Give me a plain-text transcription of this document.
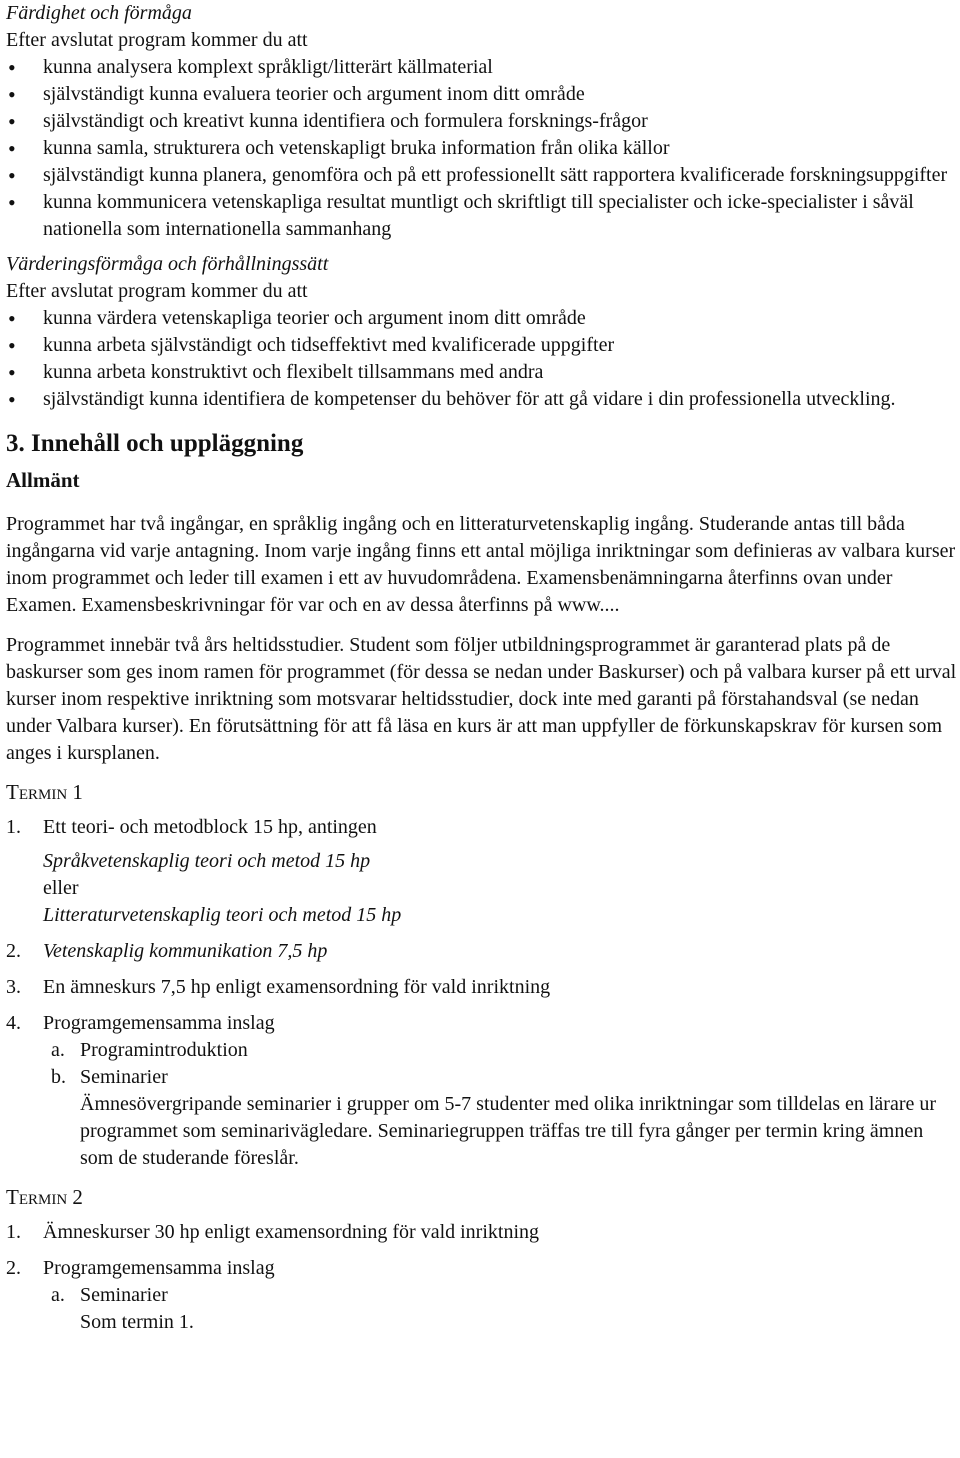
Färdighet och förmåga

Efter avslutat program kommer du att

• kunna analysera komplext språkligt/litterärt källmaterial
• självständigt kunna evaluera teorier och argument inom ditt område
• självständigt och kreativt kunna identifiera och formulera forsknings-frågor
• kunna samla, strukturera och vetenskapligt bruka information från olika källor
• självständigt kunna planera, genomföra och på ett professionellt sätt rapportera kvalificerade forskningsuppgifter
• kunna kommunicera vetenskapliga resultat muntligt och skriftligt till specialister och icke-specialister i såväl nationella som internationella sammanhang

Värderingsförmåga och förhållningssätt

Efter avslutat program kommer du att

• kunna värdera vetenskapliga teorier och argument inom ditt område
• kunna arbeta självständigt och tidseffektivt med kvalificerade uppgifter
• kunna arbeta konstruktivt och flexibelt tillsammans med andra
• självständigt kunna identifiera de kompetenser du behöver för att gå vidare i din professionella utveckling.

3. Innehåll och uppläggning

Allmänt

Programmet har två ingångar, en språklig ingång och en litteraturvetenskaplig ingång. Studerande antas till båda ingångarna vid varje antagning. Inom varje ingång finns ett antal möjliga inriktningar som definieras av valbara kurser inom programmet och leder till examen i ett av huvudområdena. Examensbenämningarna återfinns ovan under Examen. Examensbeskrivningar för var och en av dessa återfinns på www....

Programmet innebär två års heltidsstudier. Student som följer utbildningsprogrammet är garanterad plats på de baskurser som ges inom ramen för programmet (för dessa se nedan under Baskurser) och på valbara kurser på ett urval kurser inom respektive inriktning som motsvarar heltidsstudier, dock inte med garanti på förstahandsval (se nedan under Valbara kurser). En förutsättning för att få läsa en kurs är att man uppfyller de förkunskapskrav för kursen som anges i kursplanen.

Termin 1

1. Ett teori- och metodblock 15 hp, antingen

Språkvetenskaplig teori och metod 15 hp

eller

Litteraturvetenskaplig teori och metod 15 hp

2. Vetenskaplig kommunikation 7,5 hp
3. En ämneskurs 7,5 hp enligt examensordning för vald inriktning
4. Programgemensamma inslag
a. Programintroduktion
b. Seminarier

Ämnesövergripande seminarier i grupper om 5-7 studenter med olika inriktningar som tilldelas en lärare ur programmet som seminarivägledare. Seminariegruppen träffas tre till fyra gånger per termin kring ämnen som de studerande föreslår.

Termin 2

1. Ämneskurser 30 hp enligt examensordning för vald inriktning
2. Programgemensamma inslag
a. Seminarier

Som termin 1.
